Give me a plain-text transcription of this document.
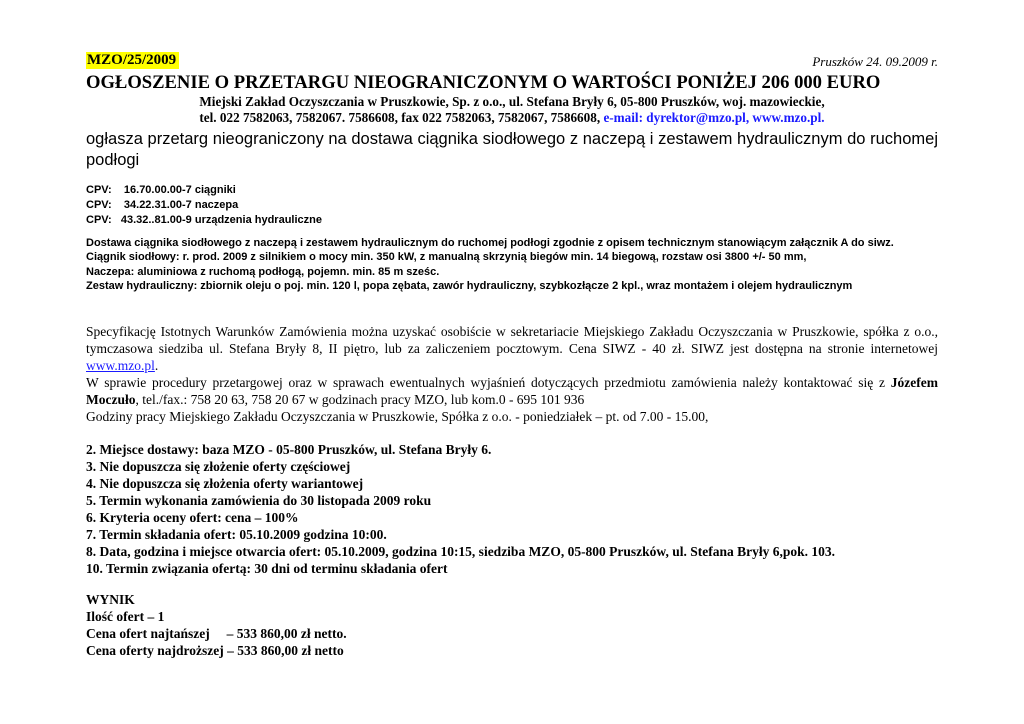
MZO/25/2009	Pruszków 24. 09.2009 r.
OGŁOSZENIE O PRZETARGU NIEOGRANICZONYM O WARTOŚCI PONIŻEJ 206 000 EURO
Miejski Zakład Oczyszczania w Pruszkowie, Sp. z o.o., ul. Stefana Bryły 6, 05-800 Pruszków, woj. mazowieckie,
tel. 022 7582063, 7582067. 7586608, fax 022 7582063, 7582067, 7586608, e-mail: dyrektor@mzo.pl, www.mzo.pl.
ogłasza przetarg nieograniczony na dostawa ciągnika siodłowego z naczepą i zestawem hydraulicznym do ruchomej podłogi
CPV:    16.70.00.00-7 ciągniki
CPV:    34.22.31.00-7 naczepa
CPV:   43.32..81.00-9 urządzenia hydrauliczne
Dostawa ciągnika siodłowego z naczepą i zestawem hydraulicznym do ruchomej podłogi zgodnie z opisem technicznym stanowiącym załącznik A do siwz.
Ciągnik siodłowy: r. prod. 2009 z silnikiem o mocy min. 350 kW, z manualną skrzynią biegów min. 14 biegową, rozstaw osi 3800 +/- 50 mm,
Naczepa: aluminiowa z ruchomą podłogą, pojemn. min. 85 m sześc.
Zestaw hydrauliczny: zbiornik oleju o poj. min. 120 l, popa zębata, zawór hydrauliczny, szybkozłącze 2 kpl., wraz montażem i olejem hydraulicznym

Specyfikację Istotnych Warunków Zamówienia można uzyskać osobiście w sekretariacie Miejskiego Zakładu Oczyszczania w Pruszkowie, spółka z o.o., tymczasowa siedziba ul. Stefana Bryły 8, II piętro, lub za zaliczeniem pocztowym. Cena SIWZ - 40 zł. SIWZ jest dostępna na stronie internetowej www.mzo.pl.

W sprawie procedury przetargowej oraz w sprawach ewentualnych wyjaśnień dotyczących przedmiotu zamówienia należy kontaktować się z Józefem Moczuło, tel./fax.: 758 20 63, 758 20 67 w godzinach pracy MZO, lub kom.0 - 695 101 936

Godziny pracy Miejskiego Zakładu Oczyszczania w Pruszkowie, Spółka z o.o. - poniedziałek – pt. od 7.00 - 15.00,

2. Miejsce dostawy: baza MZO - 05-800 Pruszków, ul. Stefana Bryły 6.
3. Nie dopuszcza się złożenie oferty częściowej
4. Nie dopuszcza się złożenia oferty wariantowej
5. Termin wykonania zamówienia do 30 listopada 2009 roku
6. Kryteria oceny ofert: cena – 100%
7. Termin składania ofert: 05.10.2009 godzina 10:00.
8. Data, godzina i miejsce otwarcia ofert: 05.10.2009, godzina 10:15, siedziba MZO, 05-800 Pruszków, ul. Stefana Bryły 6,pok. 103.
10. Termin związania ofertą: 30 dni od terminu składania ofert
WYNIK
Ilość ofert – 1
Cena ofert najtańszej     – 533 860,00 zł netto.
Cena oferty najdroższej – 533 860,00 zł netto
